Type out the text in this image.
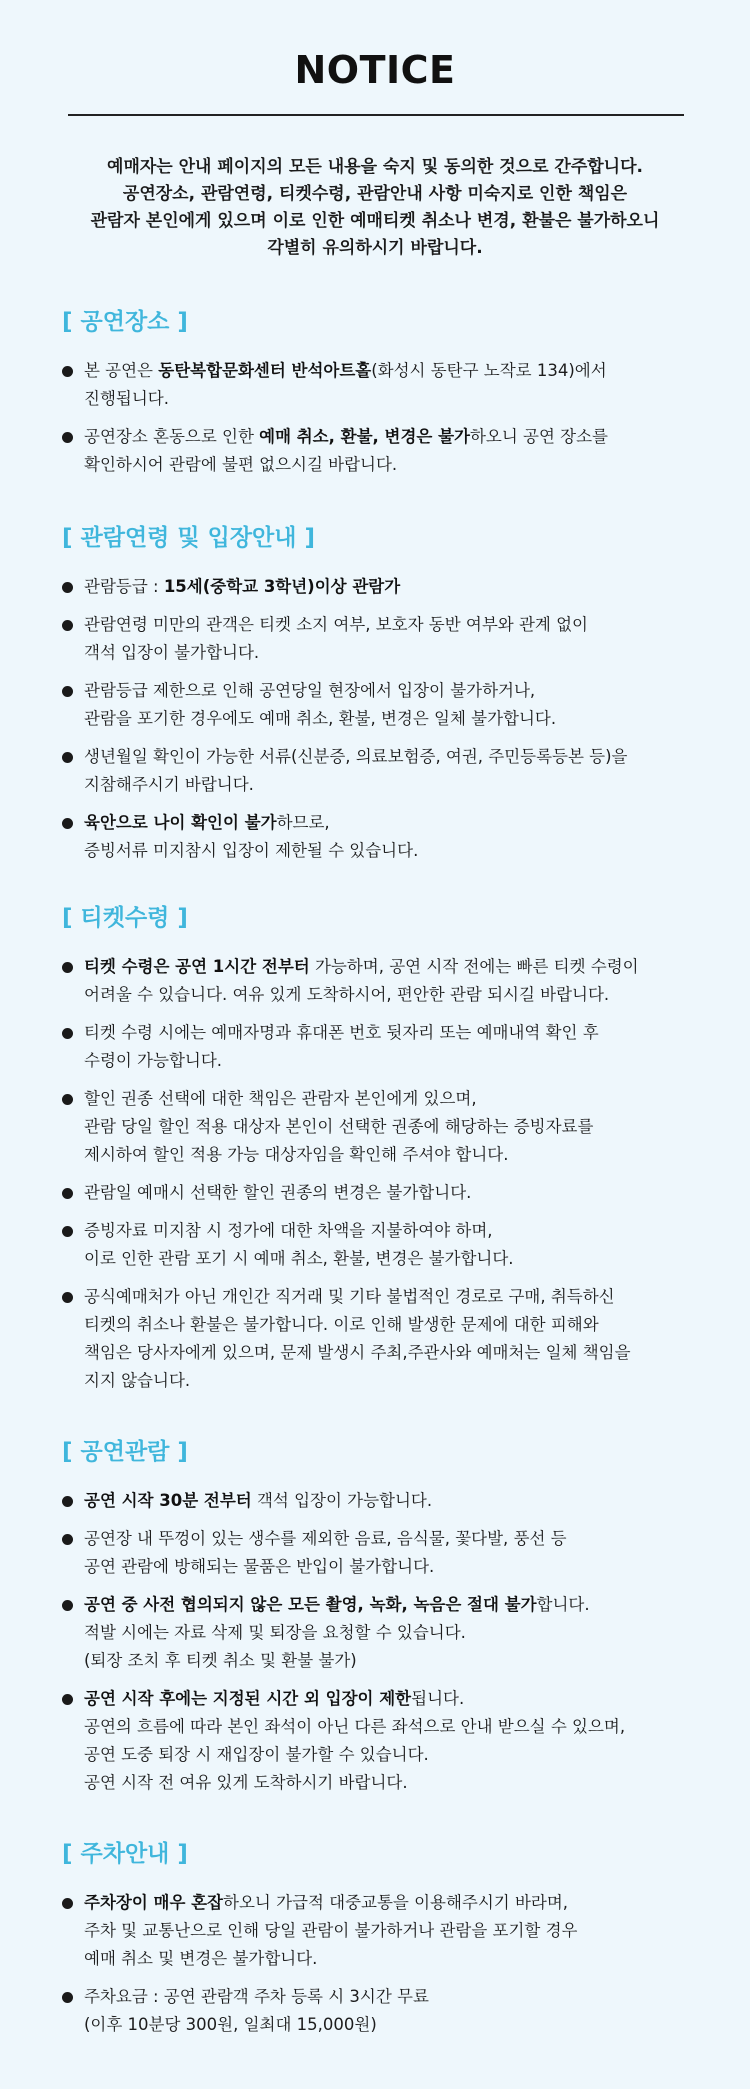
NOTICE
예매자는 안내 페이지의 모든 내용을 숙지 및 동의한 것으로 간주합니다.
공연장소, 관람연령, 티켓수령, 관람안내 사항 미숙지로 인한 책임은
관람자 본인에게 있으며 이로 인한 예매티켓 취소나 변경, 환불은 불가하오니
각별히 유의하시기 바랍니다.
[ 공연장소 ]
본 공연은 동탄복합문화센터 반석아트홀(화성시 동탄구 노작로 134)에서
진행됩니다.
공연장소 혼동으로 인한 예매 취소, 환불, 변경은 불가하오니 공연 장소를
확인하시어 관람에 불편 없으시길 바랍니다.
[ 관람연령 및 입장안내 ]
관람등급 : 15세(중학교 3학년)이상 관람가
관람연령 미만의 관객은 티켓 소지 여부, 보호자 동반 여부와 관계 없이
객석 입장이 불가합니다.
관람등급 제한으로 인해 공연당일 현장에서 입장이 불가하거나,
관람을 포기한 경우에도 예매 취소, 환불, 변경은 일체 불가합니다.
생년월일 확인이 가능한 서류(신분증, 의료보험증, 여권, 주민등록등본 등)을
지참해주시기 바랍니다.
육안으로 나이 확인이 불가하므로,
증빙서류 미지참시 입장이 제한될 수 있습니다.
[ 티켓수령 ]
티켓 수령은 공연 1시간 전부터 가능하며, 공연 시작 전에는 빠른 티켓 수령이
어려울 수 있습니다. 여유 있게 도착하시어, 편안한 관람 되시길 바랍니다.
티켓 수령 시에는 예매자명과 휴대폰 번호 뒷자리 또는 예매내역 확인 후
수령이 가능합니다.
할인 권종 선택에 대한 책임은 관람자 본인에게 있으며,
관람 당일 할인 적용 대상자 본인이 선택한 권종에 해당하는 증빙자료를
제시하여 할인 적용 가능 대상자임을 확인해 주셔야 합니다.
관람일 예매시 선택한 할인 권종의 변경은 불가합니다.
증빙자료 미지참 시 정가에 대한 차액을 지불하여야 하며,
이로 인한 관람 포기 시 예매 취소, 환불, 변경은 불가합니다.
공식예매처가 아닌 개인간 직거래 및 기타 불법적인 경로로 구매, 취득하신
티켓의 취소나 환불은 불가합니다. 이로 인해 발생한 문제에 대한 피해와
책임은 당사자에게 있으며, 문제 발생시 주최,주관사와 예매처는 일체 책임을
지지 않습니다.
[ 공연관람 ]
공연 시작 30분 전부터 객석 입장이 가능합니다.
공연장 내 뚜껑이 있는 생수를 제외한 음료, 음식물, 꽃다발, 풍선 등
공연 관람에 방해되는 물품은 반입이 불가합니다.
공연 중 사전 협의되지 않은 모든 촬영, 녹화, 녹음은 절대 불가합니다.
적발 시에는 자료 삭제 및 퇴장을 요청할 수 있습니다.
(퇴장 조치 후 티켓 취소 및 환불 불가)
공연 시작 후에는 지정된 시간 외 입장이 제한됩니다.
공연의 흐름에 따라 본인 좌석이 아닌 다른 좌석으로 안내 받으실 수 있으며,
공연 도중 퇴장 시 재입장이 불가할 수 있습니다.
공연 시작 전 여유 있게 도착하시기 바랍니다.
[ 주차안내 ]
주차장이 매우 혼잡하오니 가급적 대중교통을 이용해주시기 바라며,
주차 및 교통난으로 인해 당일 관람이 불가하거나 관람을 포기할 경우
예매 취소 및 변경은 불가합니다.
주차요금 : 공연 관람객 주차 등록 시 3시간 무료
(이후 10분당 300원, 일최대 15,000원)
